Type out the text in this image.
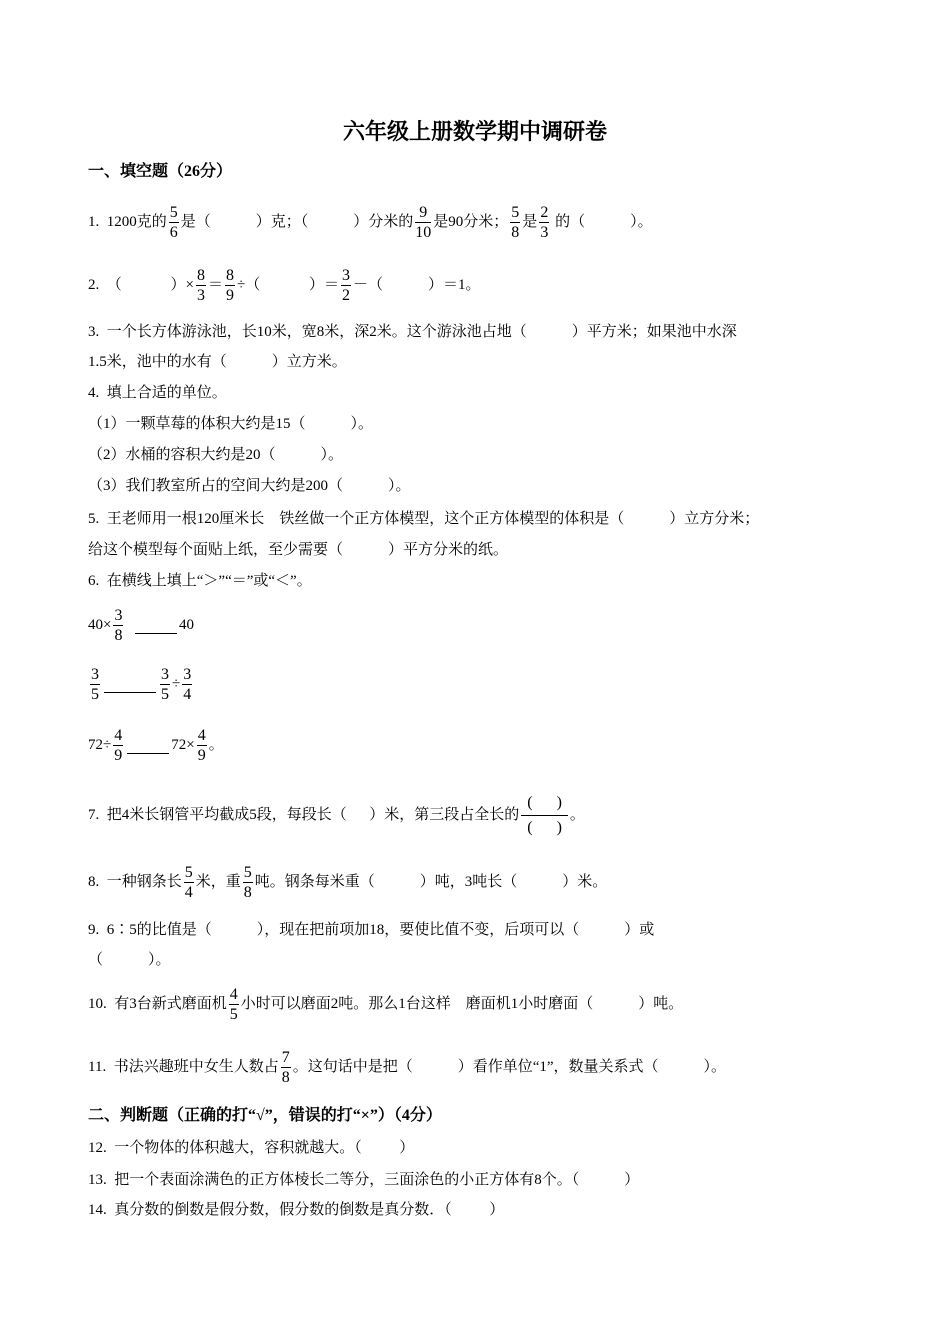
六年级上册数学期中调研卷
一、填空题（26分）
1.  1200克的 $\frac{5}{6}$ 是（            ）克；（            ）分米的 $\frac{9}{10}$ 是90分米； $\frac{5}{8}$ 是 $\frac{2}{3}$ 的（            ）。
2.  （             ）× $\frac{8}{3} = \frac{8}{9}$ ÷（             ）＝ $\frac{3}{2}$ －（            ）＝1。
3.  一个长方体游泳池，长10米，宽8米，深2米。这个游泳池占地（            ）平方米；如果池中水深
1.5米，池中的水有（            ）立方米。
4.  填上合适的单位。
（1）一颗草莓的体积大约是15（            ）。
（2）水桶的容积大约是20（            ）。
（3）我们教室所占的空间大约是200（            ）。
5.  王老师用一根120厘米长    铁丝做一个正方体模型，这个正方体模型的体积是（            ）立方分米；
给这个模型每个面贴上纸，至少需要（            ）平方分米的纸。
6.  在横线上填上“＞”“＝”或“＜”。
$40\times \frac{3}{8}$
	40
$\frac{3}{5}$	$\frac{3}{5} \div \frac{3}{4}$
$72\div \frac{4}{9}$	$72\times \frac{4}{9}$ 。
7.  把4米长钢管平均截成5段，每段长（      ）米，第三段占全长的 $\frac{( )}{( )}$ 。
8.  一种钢条长 $\frac{5}{4}$ 米，重 $\frac{5}{8}$ 吨。钢条每米重（            ）吨，3吨长（            ）米。
9.  6∶5的比值是（            ），现在把前项加18，要使比值不变，后项可以（            ）或
（            ）。
10.  有3台新式磨面机 $\frac{4}{5}$ 小时可以磨面2吨。那么1台这样    磨面机1小时磨面（            ）吨。
11.  书法兴趣班中女生人数占 $\frac{7}{8}$ 。这句话中是把（            ）看作单位“1”，数量关系式（            ）。
二、判断题（正确的打“√”，错误的打“×”）（4分）
12.  一个物体的体积越大，容积就越大。（          ）
13.  把一个表面涂满色的正方体棱长二等分，三面涂色的小正方体有8个。（            ）
14.  真分数的倒数是假分数，假分数的倒数是真分数．（          ）
